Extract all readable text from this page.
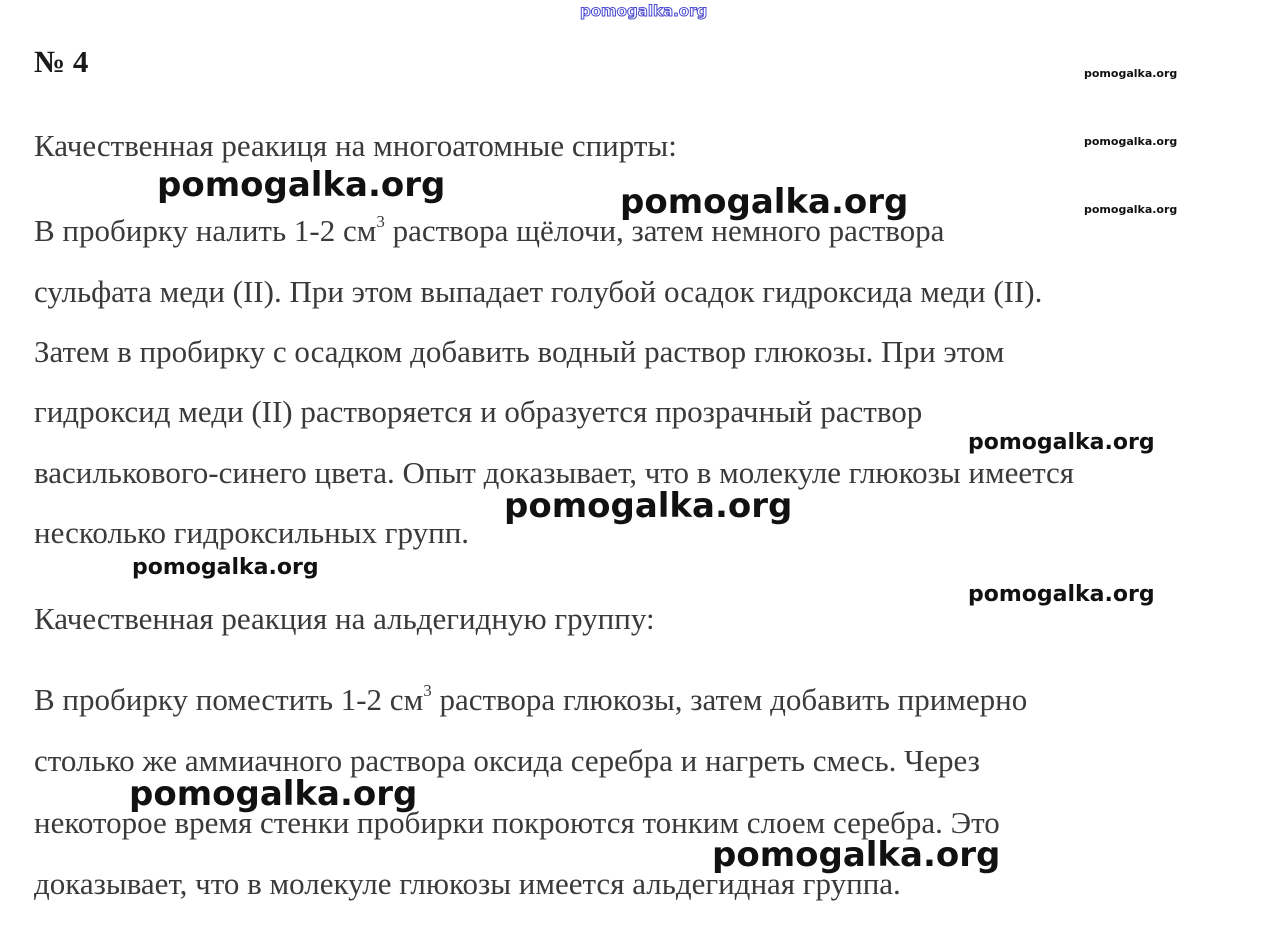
pomogalka.org
№ 4	pomogalka.org
pomogalka.org
pomogalka.org
Качественная реакиця на многоатомные спирты:
В пробирку налить 1-2 $см^3$ раствора щёлочи, затем немного раствора
сульфата меди (II). При этом выпадает голубой осадок гидроксида меди (II).
Затем в пробирку с осадком добавить водный раствор глюкозы. При этом
гидроксид меди (II) растворяется и образуется прозрачный раствор
василькового-синего цвета. Опыт доказывает, что в молекуле глюкозы имеется
несколько гидроксильных групп.
Качественная реакция на альдегидную группу:
В пробирку поместить 1-2 $см^3$ раствора глюкозы, затем добавить примерно
столько же аммиачного раствора оксида серебра и нагреть смесь. Через
некоторое время стенки пробирки покроются тонким слоем серебра. Это
доказывает, что в молекуле глюкозы имеется альдегидная группа.
pomogalka.org	pomogalka.org
pomogalka.org
pomogalka.org
pomogalka.org
pomogalka.org
pomogalka.org
pomogalka.org
